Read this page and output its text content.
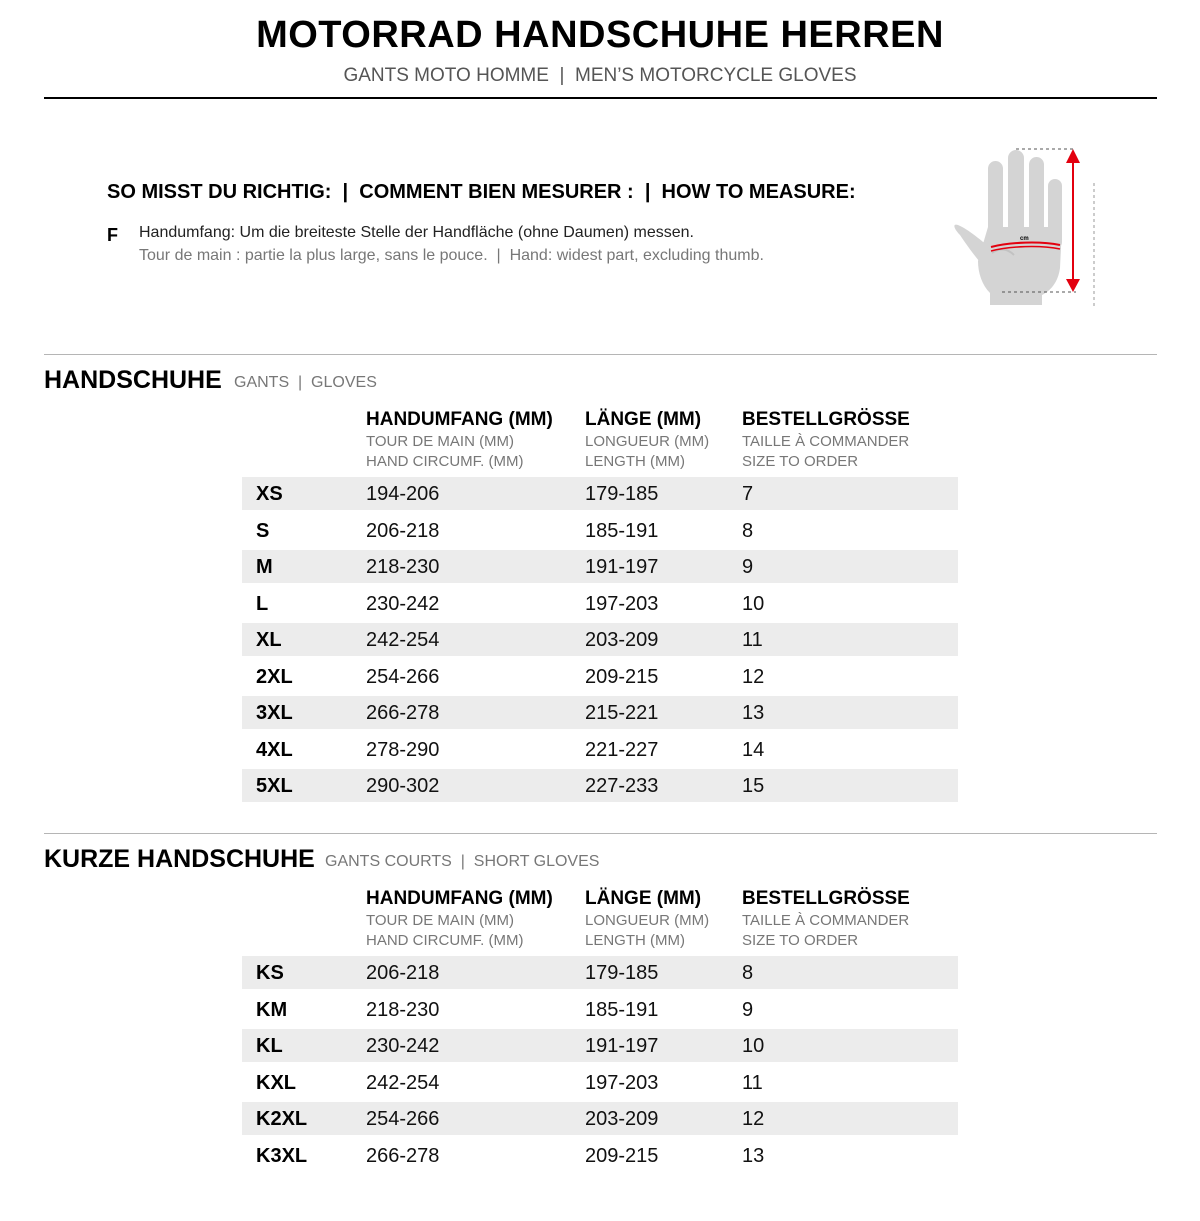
MOTORRAD HANDSCHUHE HERREN

GANTS MOTO HOMME  |  MEN’S MOTORCYCLE GLOVES

SO MISST DU RICHTIG:  |  COMMENT BIEN MESURER :  |  HOW TO MEASURE:
F Handumfang: Um die breiteste Stelle der Handfläche (ohne Daumen) messen.
Tour de main : partie la plus large, sans le pouce.  |  Hand: widest part, excluding thumb.
cm
HANDSCHUHE GANTS  |  GLOVES
HANDUMFANG (MM)
TOUR DE MAIN (MM)
HAND CIRCUMF. (MM)
LÄNGE (MM)
LONGUEUR (MM)
LENGTH (MM)
BESTELLGRÖSSE
TAILLE À COMMANDER
SIZE TO ORDER
XS	194-206	179-185	7
S	206-218	185-191	8
M	218-230	191-197	9
L	230-242	197-203	10
XL	242-254	203-209	11
2XL	254-266	209-215	12
3XL	266-278	215-221	13
4XL	278-290	221-227	14
5XL	290-302	227-233	15
KURZE HANDSCHUHE GANTS COURTS  |  SHORT GLOVES
HANDUMFANG (MM)
TOUR DE MAIN (MM)
HAND CIRCUMF. (MM)
LÄNGE (MM)
LONGUEUR (MM)
LENGTH (MM)
BESTELLGRÖSSE
TAILLE À COMMANDER
SIZE TO ORDER
KS	206-218	179-185	8
KM	218-230	185-191	9
KL	230-242	191-197	10
KXL	242-254	197-203	11
K2XL	254-266	203-209	12
K3XL	266-278	209-215	13
